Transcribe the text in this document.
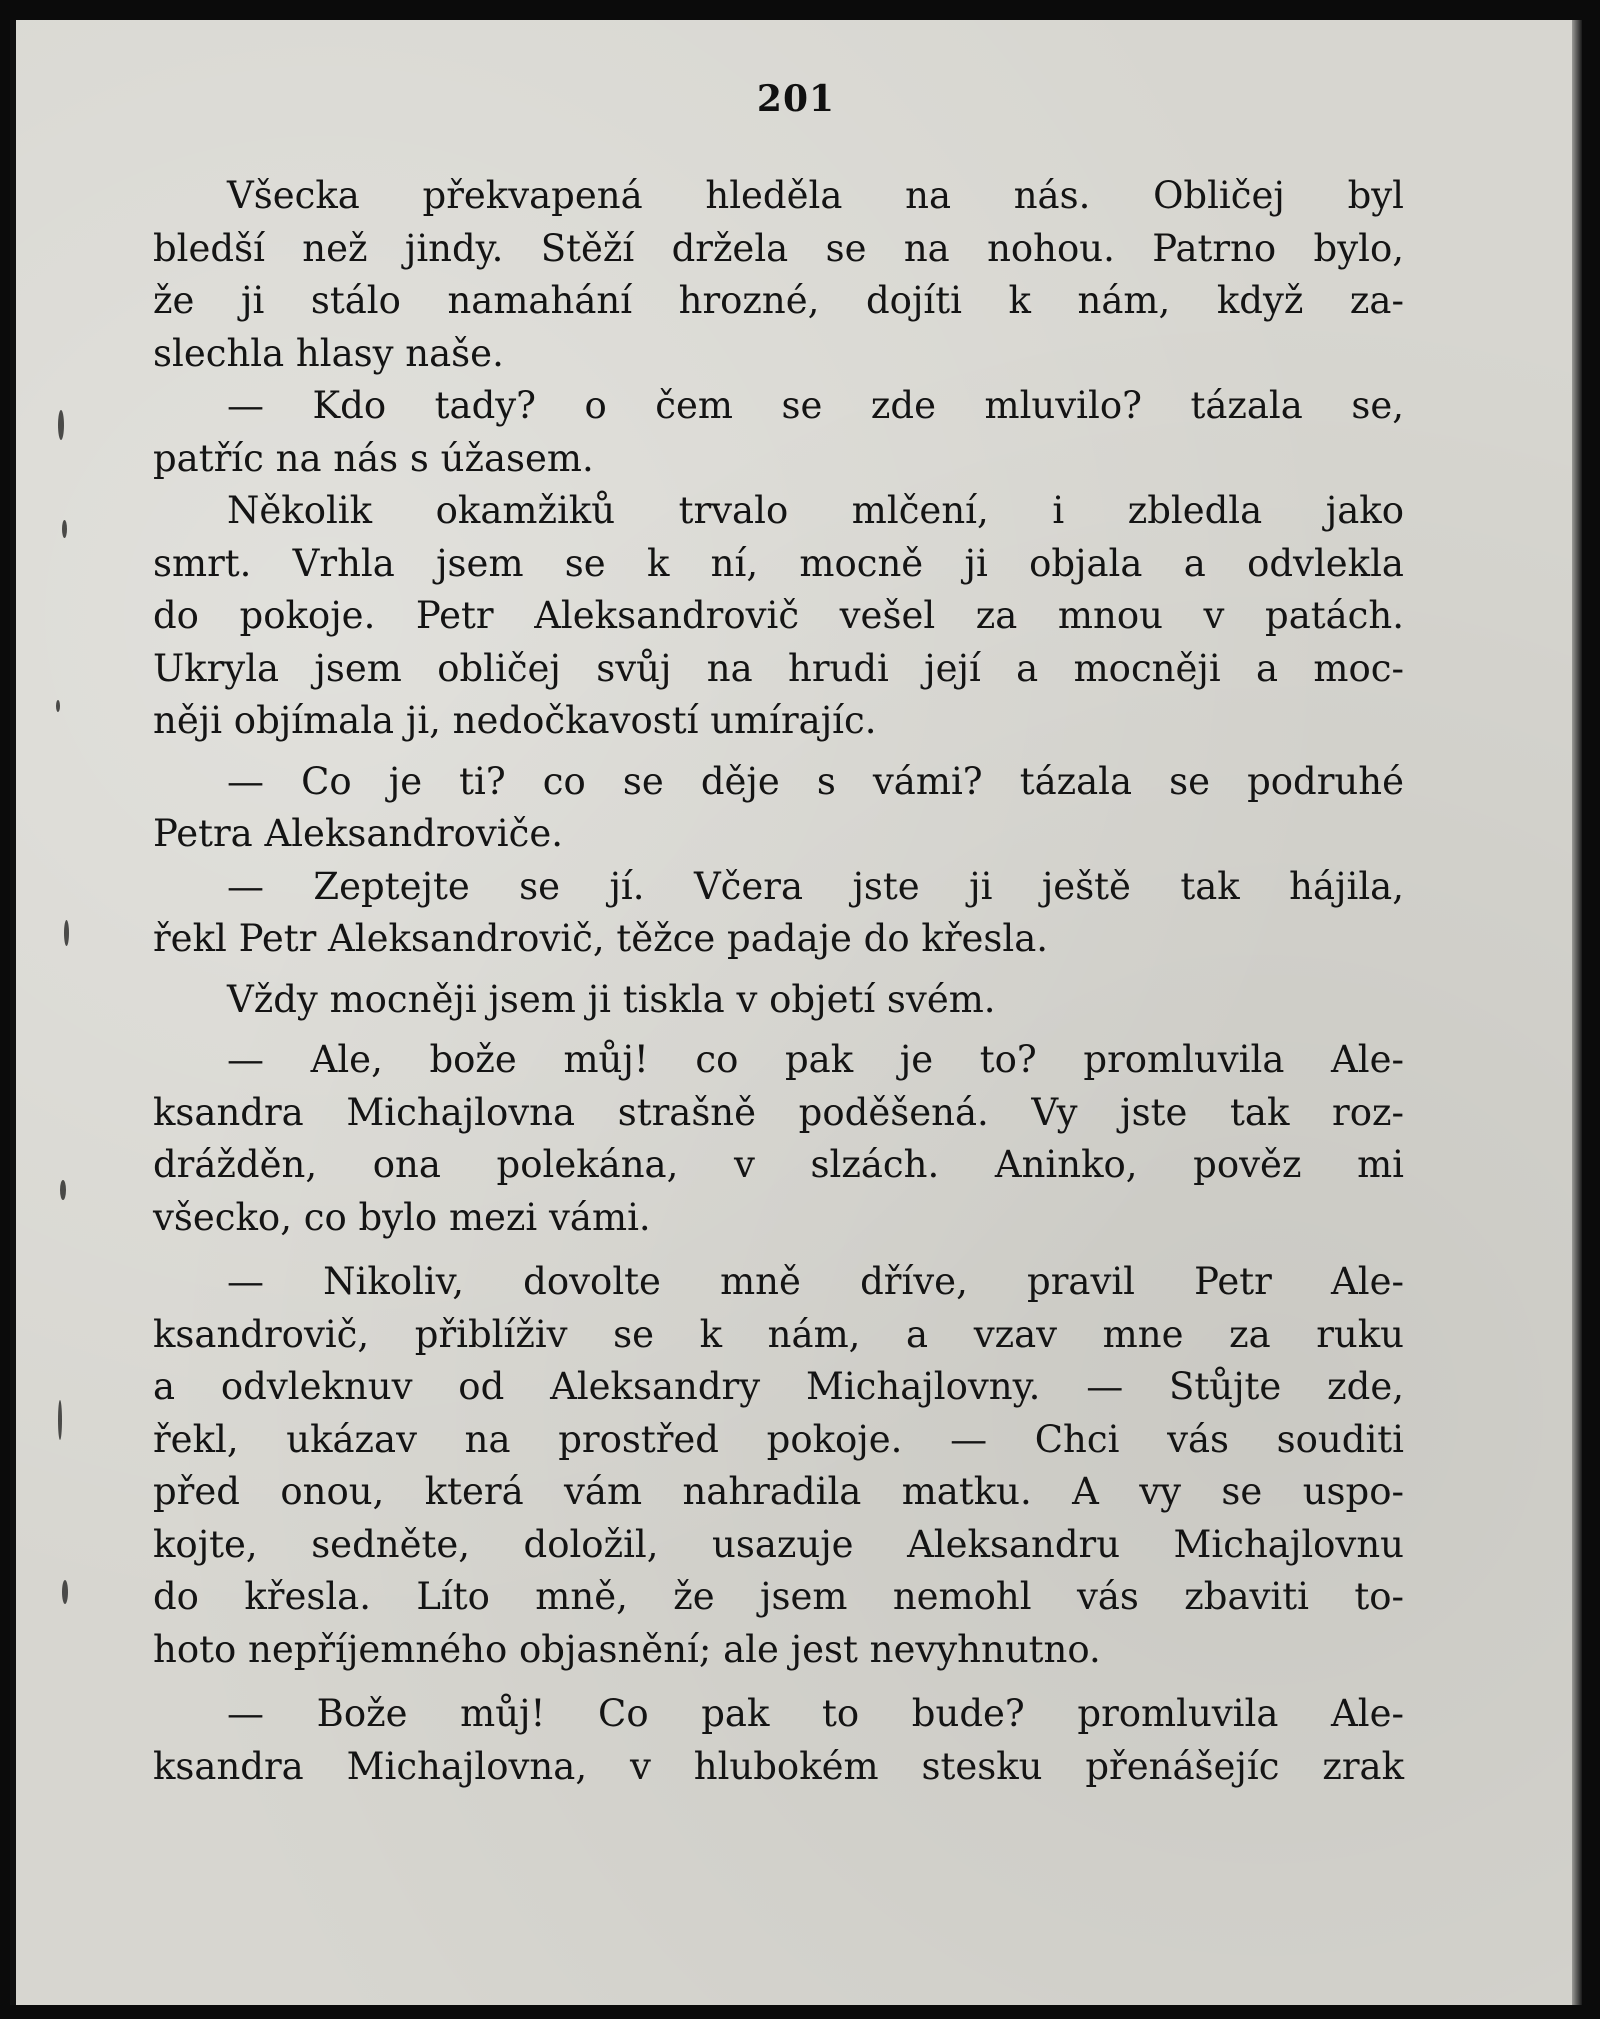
201
Všecka překvapená hleděla na nás. Obličej byl
bledší než jindy. Stěží držela se na nohou. Patrno bylo,
že ji stálo namahání hrozné, dojíti k nám, když za-
slechla hlasy naše.
— Kdo tady? o čem se zde mluvilo? tázala se,
patříc na nás s úžasem.
Několik okamžiků trvalo mlčení, i zbledla jako
smrt. Vrhla jsem se k ní, mocně ji objala a odvlekla
do pokoje. Petr Aleksandrovič vešel za mnou v patách.
Ukryla jsem obličej svůj na hrudi její a mocněji a moc-
něji objímala ji, nedočkavostí umírajíc.
— Co je ti? co se děje s vámi? tázala se podruhé
Petra Aleksandroviče.
— Zeptejte se jí. Včera jste ji ještě tak hájila,
řekl Petr Aleksandrovič, těžce padaje do křesla.
Vždy mocněji jsem ji tiskla v objetí svém.
— Ale, bože můj! co pak je to? promluvila Ale-
ksandra Michajlovna strašně poděšená. Vy jste tak roz-
drážděn, ona polekána, v slzách. Aninko, pověz mi
všecko, co bylo mezi vámi.
— Nikoliv, dovolte mně dříve, pravil Petr Ale-
ksandrovič, přiblíživ se k nám, a vzav mne za ruku
a odvleknuv od Aleksandry Michajlovny. — Stůjte zde,
řekl, ukázav na prostřed pokoje. — Chci vás souditi
před onou, která vám nahradila matku. A vy se uspo-
kojte, sedněte, doložil, usazuje Aleksandru Michajlovnu
do křesla. Líto mně, že jsem nemohl vás zbaviti to-
hoto nepříjemného objasnění; ale jest nevyhnutno.
— Bože můj! Co pak to bude? promluvila Ale-
ksandra Michajlovna, v hlubokém stesku přenášejíc zrak
